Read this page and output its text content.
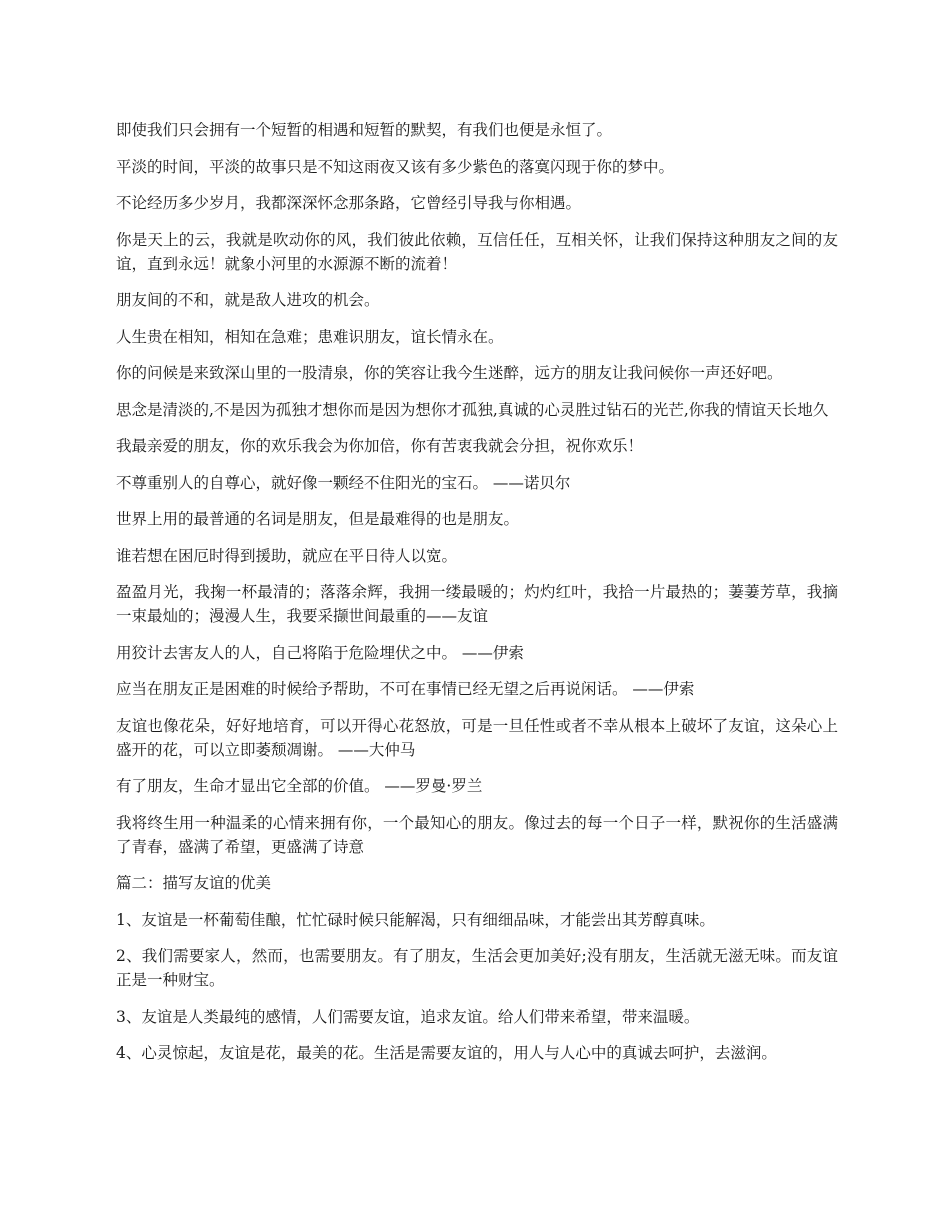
即使我们只会拥有一个短暂的相遇和短暂的默契，有我们也便是永恒了。

平淡的时间，平淡的故事只是不知这雨夜又该有多少紫色的落寞闪现于你的梦中。

不论经历多少岁月，我都深深怀念那条路，它曾经引导我与你相遇。

你是天上的云，我就是吹动你的风，我们彼此依赖，互信任任，互相关怀，让我们保持这种朋友之间的友谊，直到永远！就象小河里的水源源不断的流着！

朋友间的不和，就是敌人进攻的机会。

人生贵在相知，相知在急难；患难识朋友，谊长情永在。

你的问候是来致深山里的一股清泉，你的笑容让我今生迷醉，远方的朋友让我问候你一声还好吧。

思念是清淡的,不是因为孤独才想你而是因为想你才孤独,真诚的心灵胜过钻石的光芒,你我的情谊天长地久

我最亲爱的朋友，你的欢乐我会为你加倍，你有苦衷我就会分担，祝你欢乐！

不尊重别人的自尊心，就好像一颗经不住阳光的宝石。 ——诺贝尔

世界上用的最普通的名词是朋友，但是最难得的也是朋友。

谁若想在困厄时得到援助，就应在平日待人以宽。

盈盈月光，我掬一杯最清的；落落余辉，我拥一缕最暖的；灼灼红叶，我拾一片最热的；萋萋芳草，我摘一束最灿的；漫漫人生，我要采撷世间最重的——友谊

用狡计去害友人的人，自己将陷于危险埋伏之中。 ——伊索

应当在朋友正是困难的时候给予帮助，不可在事情已经无望之后再说闲话。 ——伊索

友谊也像花朵，好好地培育，可以开得心花怒放，可是一旦任性或者不幸从根本上破坏了友谊，这朵心上盛开的花，可以立即萎颓凋谢。 ——大仲马

有了朋友，生命才显出它全部的价值。 ——罗曼·罗兰

我将终生用一种温柔的心情来拥有你，一个最知心的朋友。像过去的每一个日子一样，默祝你的生活盛满了青春，盛满了希望，更盛满了诗意

篇二：描写友谊的优美

1、友谊是一杯葡萄佳酿，忙忙碌时候只能解渴，只有细细品味，才能尝出其芳醇真味。

2、我们需要家人，然而，也需要朋友。有了朋友，生活会更加美好;没有朋友，生活就无滋无味。而友谊正是一种财宝。

3、友谊是人类最纯的感情，人们需要友谊，追求友谊。给人们带来希望，带来温暖。

4、心灵惊起，友谊是花，最美的花。生活是需要友谊的，用人与人心中的真诚去呵护，去滋润。
